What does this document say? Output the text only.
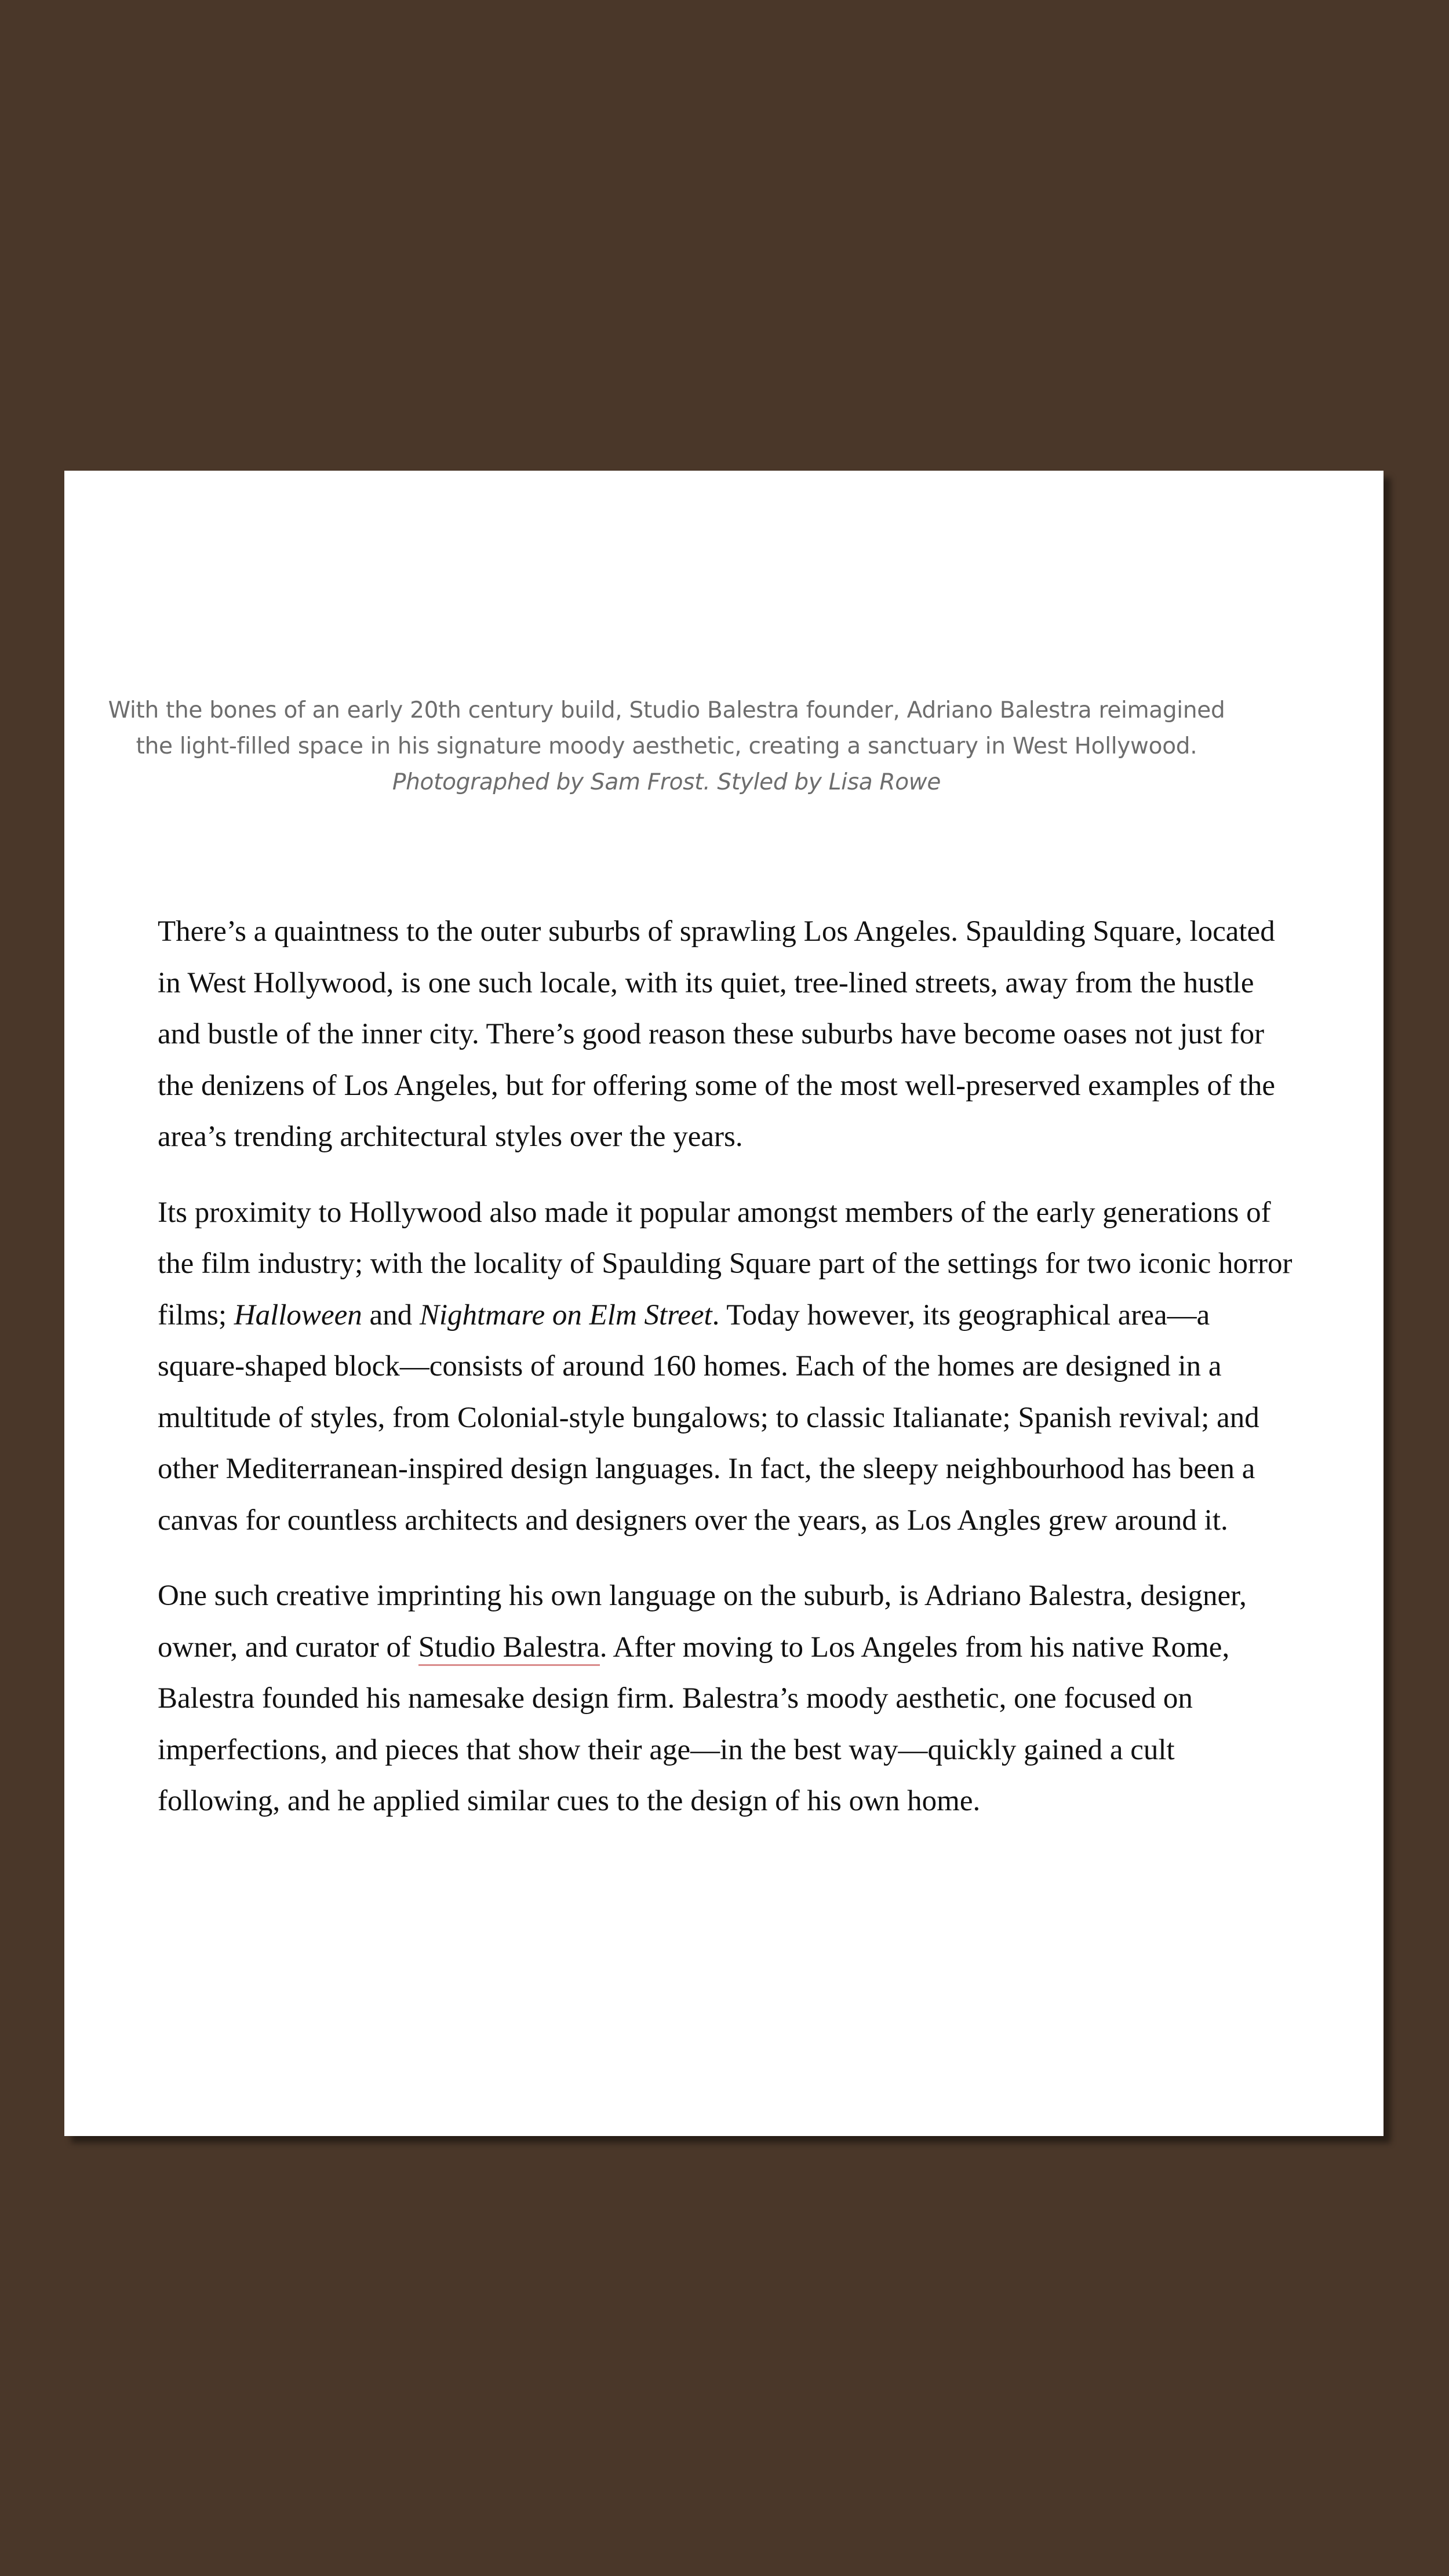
With the bones of an early 20th century build, Studio Balestra founder, Adriano Balestra reimagined the light-filled space in his signature moody aesthetic, creating a sanctuary in West Hollywood. Photographed by Sam Frost. Styled by Lisa Rowe

There’s a quaintness to the outer suburbs of sprawling Los Angeles. Spaulding Square, located in West Hollywood, is one such locale, with its quiet, tree-lined streets, away from the hustle and bustle of the inner city. There’s good reason these suburbs have become oases not just for the denizens of Los Angeles, but for offering some of the most well-preserved examples of the area’s trending architectural styles over the years.

Its proximity to Hollywood also made it popular amongst members of the early generations of the film industry; with the locality of Spaulding Square part of the settings for two iconic horror films; Halloween and Nightmare on Elm Street. Today however, its geographical area—a square-shaped block—consists of around 160 homes. Each of the homes are designed in a multitude of styles, from Colonial-style bungalows; to classic Italianate; Spanish revival; and other Mediterranean-inspired design languages. In fact, the sleepy neighbourhood has been a canvas for countless architects and designers over the years, as Los Angles grew around it.

One such creative imprinting his own language on the suburb, is Adriano Balestra, designer, owner, and curator of Studio Balestra. After moving to Los Angeles from his native Rome, Balestra founded his namesake design firm. Balestra’s moody aesthetic, one focused on imperfections, and pieces that show their age—in the best way—quickly gained a cult following, and he applied similar cues to the design of his own home.
